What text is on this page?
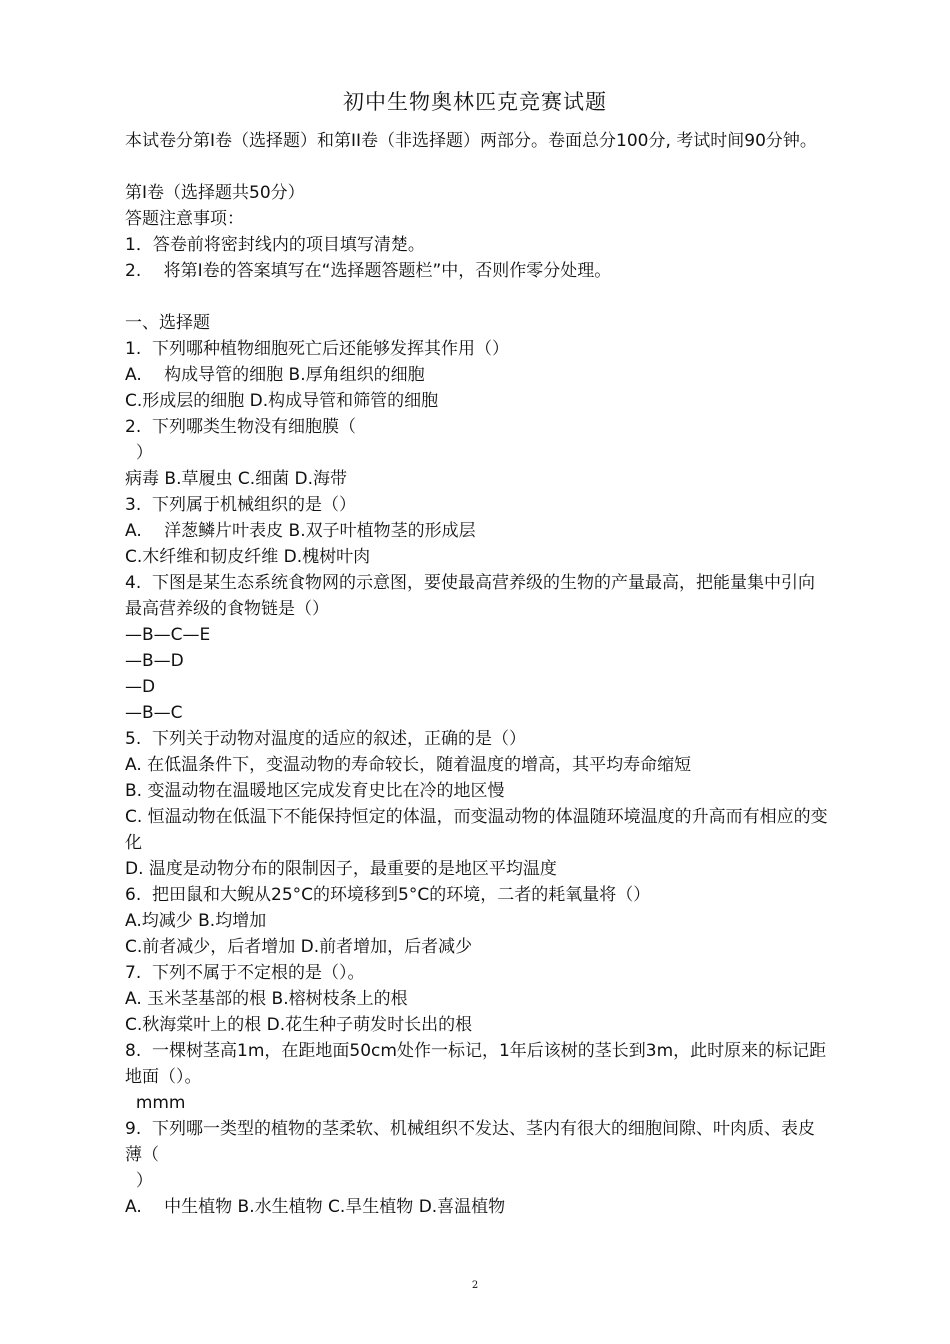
初中生物奥林匹克竞赛试题

本试卷分第I卷（选择题）和第II卷（非选择题）两部分。卷面总分100分, 考试时间90分钟。

第I卷（选择题共50分）

答题注意事项：

1．答卷前将密封线内的项目填写清楚。

2.　 将第I卷的答案填写在“选择题答题栏”中，否则作零分处理。

一、选择题

1.  下列哪种植物细胞死亡后还能够发挥其作用（）

A.　 构成导管的细胞 B.厚角组织的细胞

C.形成层的细胞 D.构成导管和筛管的细胞

2.  下列哪类生物没有细胞膜（

）

病毒 B.草履虫 C.细菌 D.海带

3.  下列属于机械组织的是（）

A.　 洋葱鳞片叶表皮 B.双子叶植物茎的形成层

C.木纤维和韧皮纤维 D.槐树叶肉

4.  下图是某生态系统食物网的示意图，要使最高营养级的生物的产量最高，把能量集中引向最高营养级的食物链是（）

—B—C—E

—B—D

—D

—B—C

5.  下列关于动物对温度的适应的叙述，正确的是（）

A. 在低温条件下，变温动物的寿命较长，随着温度的增高，其平均寿命缩短

B. 变温动物在温暖地区完成发育史比在冷的地区慢

C. 恒温动物在低温下不能保持恒定的体温，而变温动物的体温随环境温度的升高而有相应的变化

D. 温度是动物分布的限制因子，最重要的是地区平均温度

6.  把田鼠和大鲵从25°C的环境移到5°C的环境，二者的耗氧量将（）

A.均减少 B.均增加

C.前者减少，后者增加 D.前者增加，后者减少

7.  下列不属于不定根的是（）。

A. 玉米茎基部的根 B.榕树枝条上的根

C.秋海棠叶上的根 D.花生种子萌发时长出的根

8.  一棵树茎高1m，在距地面50cm处作一标记，1年后该树的茎长到3m，此时原来的标记距地面（）。

mmm

9.  下列哪一类型的植物的茎柔软、机械组织不发达、茎内有很大的细胞间隙、叶肉质、表皮薄（

）

A.　 中生植物 B.水生植物 C.旱生植物 D.喜温植物

2
